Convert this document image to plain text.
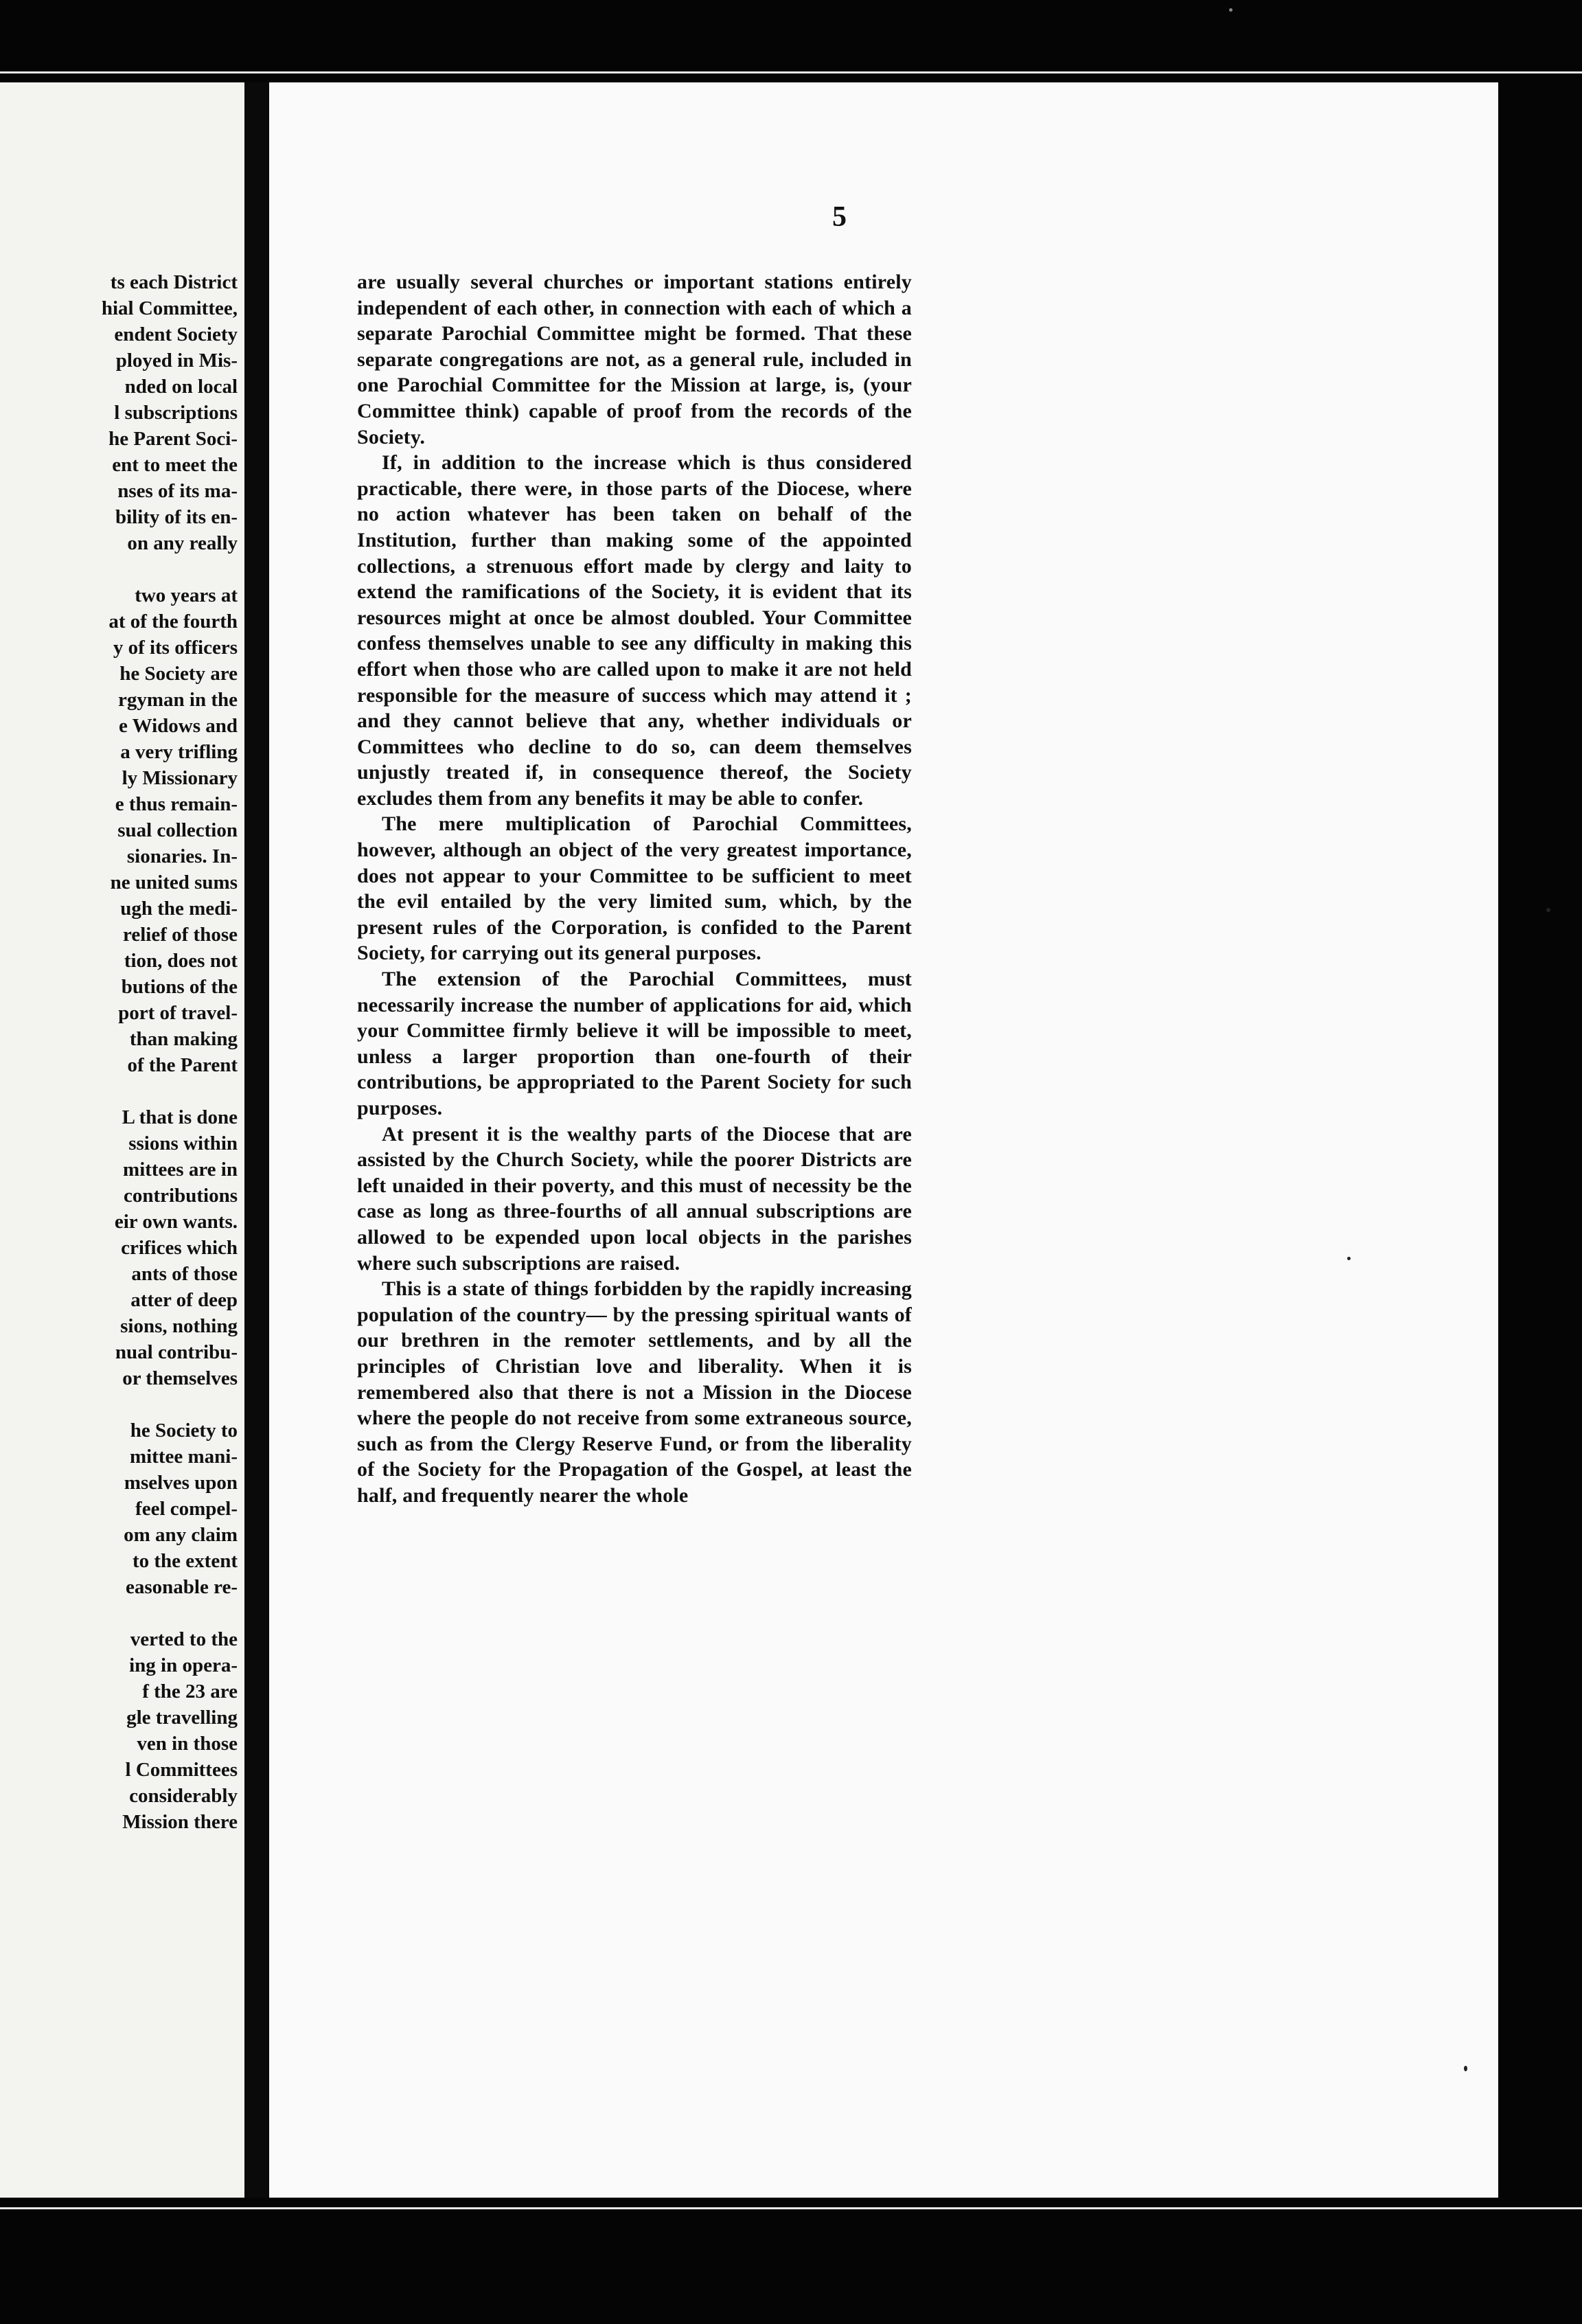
ts each District
hial Committee,
endent Society
ployed in Mis-
nded on local
l subscriptions
he Parent Soci-
ent to meet the
nses of its ma-
bility of its en-
on any really
two years at
at of the fourth
y of its officers
he Society are
rgyman in the
e Widows and
a very trifling
ly Missionary
e thus remain-
sual collection
sionaries. In-
ne united sums
ugh the medi-
relief of those
tion, does not
butions of the
port of travel-
than making
of the Parent
L that is done
ssions within
mittees are in
contributions
eir own wants.
crifices which
ants of those
atter of deep
sions, nothing
nual contribu-
or themselves
he Society to
mittee mani-
mselves upon
feel compel-
om any claim
to the extent
easonable re-
verted to the
ing in opera-
f the 23 are
gle travelling
ven in those
l Committees
considerably
Mission there
5

are usually several churches or important stations entirely independent of each other, in connection with each of which a separate Parochial Committee might be formed. That these separate congregations are not, as a general rule, included in one Parochial Committee for the Mission at large, is, (your Committee think) capable of proof from the records of the Society.

If, in addition to the increase which is thus considered practicable, there were, in those parts of the Diocese, where no action whatever has been taken on behalf of the Institution, further than making some of the appointed collections, a strenuous effort made by clergy and laity to extend the ramifications of the Society, it is evident that its resources might at once be almost doubled. Your Committee confess themselves unable to see any difficulty in making this effort when those who are called upon to make it are not held responsible for the measure of success which may attend it ; and they cannot believe that any, whether individuals or Committees who decline to do so, can deem themselves unjustly treated if, in consequence thereof, the Society excludes them from any benefits it may be able to confer.

The mere multiplication of Parochial Committees, however, although an object of the very greatest importance, does not appear to your Committee to be sufficient to meet the evil entailed by the very limited sum, which, by the present rules of the Corporation, is confided to the Parent Society, for carrying out its general purposes.

The extension of the Parochial Committees, must necessarily increase the number of applications for aid, which your Committee firmly believe it will be impossible to meet, unless a larger proportion than one-fourth of their contributions, be appropriated to the Parent Society for such purposes.

At present it is the wealthy parts of the Diocese that are assisted by the Church Society, while the poorer Districts are left unaided in their poverty, and this must of necessity be the case as long as three-fourths of all annual subscriptions are allowed to be expended upon local objects in the parishes where such subscriptions are raised.

This is a state of things forbidden by the rapidly increasing population of the country— by the pressing spiritual wants of our brethren in the remoter settlements, and by all the principles of Christian love and liberality. When it is remembered also that there is not a Mission in the Diocese where the people do not receive from some extraneous source, such as from the Clergy Reserve Fund, or from the liberality of the Society for the Propagation of the Gospel, at least the half, and frequently nearer the whole
